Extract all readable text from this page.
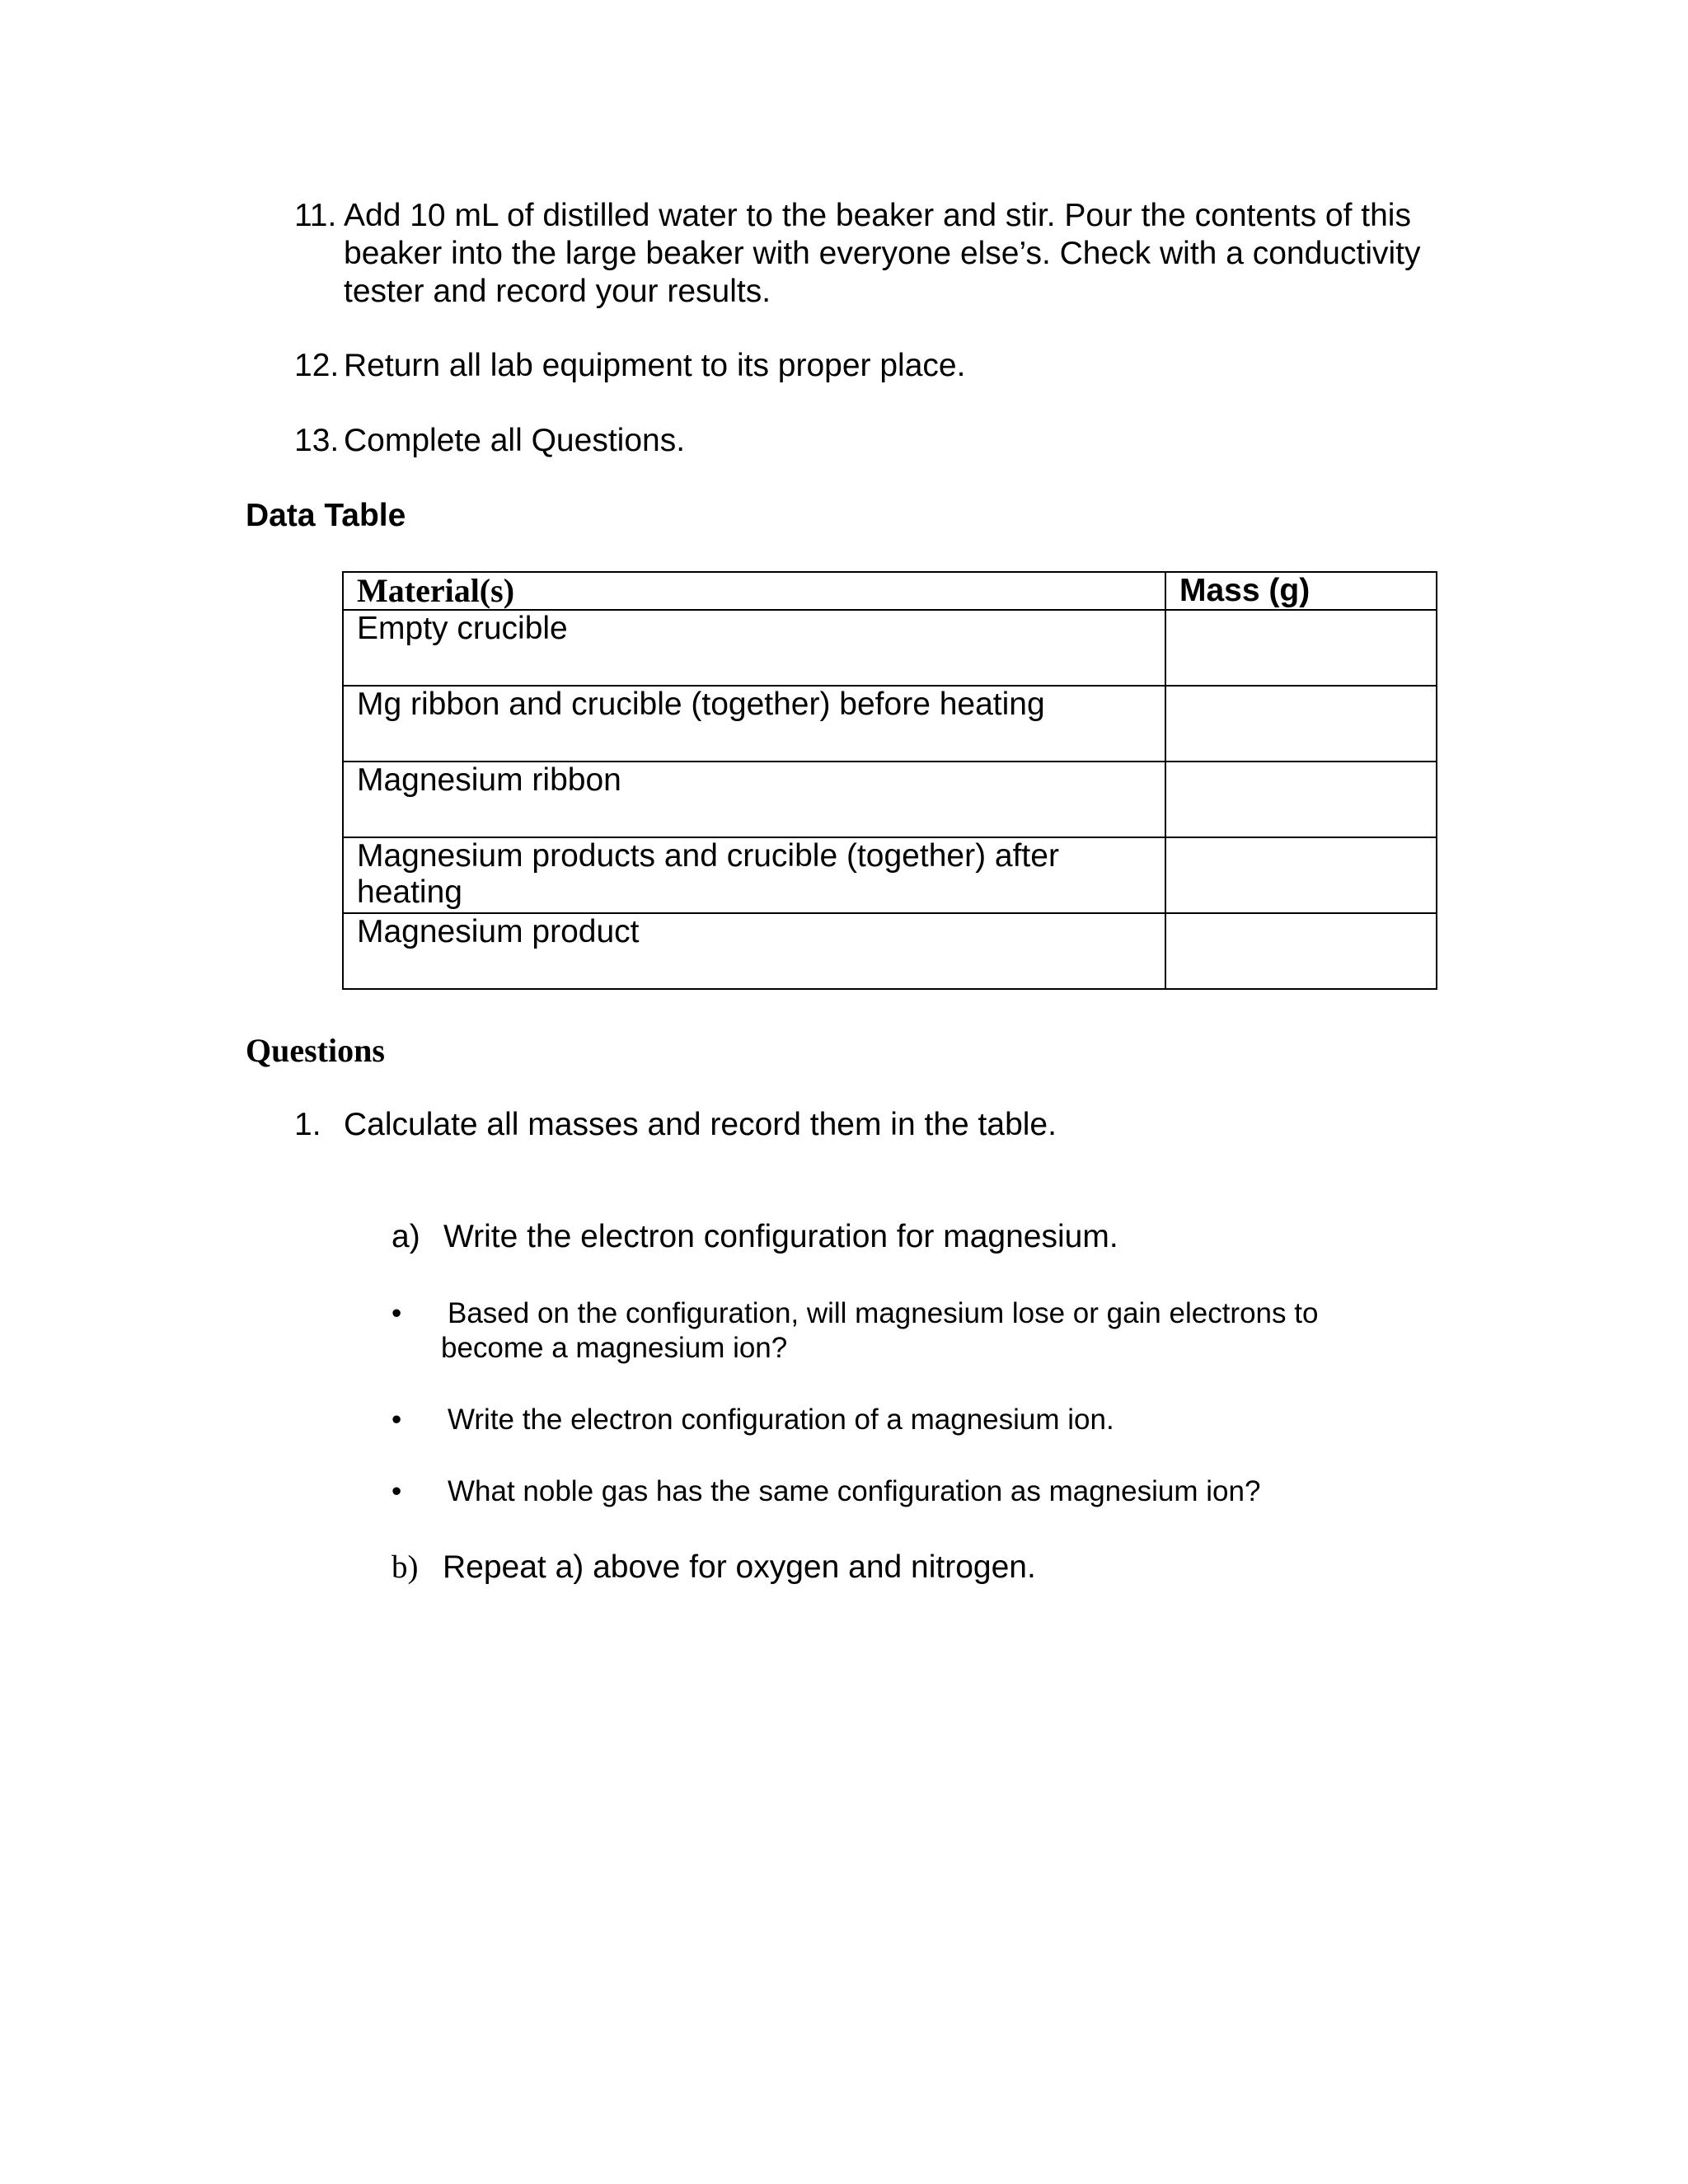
11. Add 10 mL of distilled water to the beaker and stir. Pour the contents of this beaker into the large beaker with everyone else’s. Check with a conductivity tester and record your results.
12. Return all lab equipment to its proper place.
13. Complete all Questions.
Data Table
Material(s)	Mass (g)
Empty crucible	
Mg ribbon and crucible (together) before heating	
Magnesium ribbon	
Magnesium products and crucible (together) after heating	
Magnesium product	
Questions
1. Calculate all masses and record them in the table.
a) Write the electron configuration for magnesium.
• Based on the configuration, will magnesium lose or gain electrons to become a magnesium ion?
• Write the electron configuration of a magnesium ion.
• What noble gas has the same configuration as magnesium ion?
b) Repeat a) above for oxygen and nitrogen.
